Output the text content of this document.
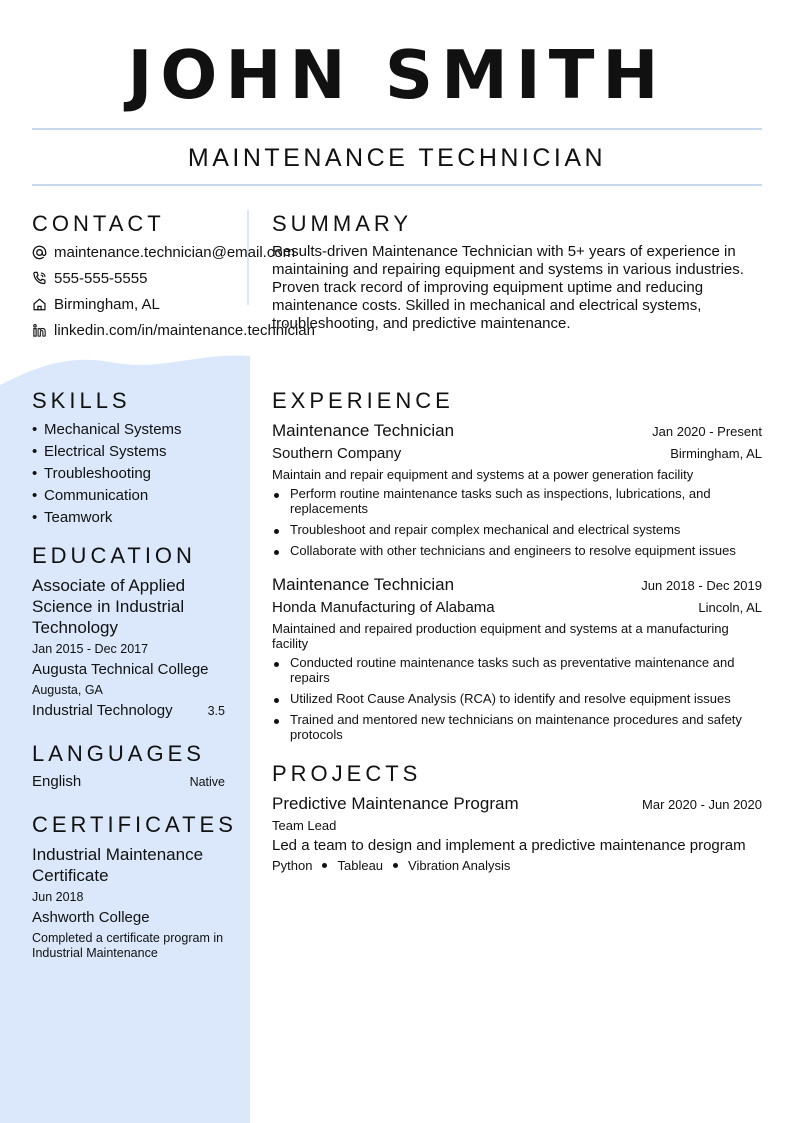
JOHN SMITH
MAINTENANCE TECHNICIAN
CONTACT
maintenance.technician@email.com
555-555-5555
Birmingham, AL
linkedin.com/in/maintenance.technician
SUMMARY
Results-driven Maintenance Technician with 5+ years of experience in maintaining and repairing equipment and systems in various industries. Proven track record of improving equipment uptime and reducing maintenance costs. Skilled in mechanical and electrical systems, troubleshooting, and predictive maintenance.
SKILLS
• Mechanical Systems
• Electrical Systems
• Troubleshooting
• Communication
• Teamwork
EDUCATION
Associate of Applied Science in Industrial Technology
Jan 2015 - Dec 2017
Augusta Technical College
Augusta, GA
Industrial Technology	3.5
LANGUAGES
English	Native
CERTIFICATES
Industrial Maintenance Certificate
Jun 2018
Ashworth College
Completed a certificate program in Industrial Maintenance
EXPERIENCE
Maintenance Technician	Jan 2020 - Present
Southern Company	Birmingham, AL
Maintain and repair equipment and systems at a power generation facility
Perform routine maintenance tasks such as inspections, lubrications, and replacements
Troubleshoot and repair complex mechanical and electrical systems
Collaborate with other technicians and engineers to resolve equipment issues
Maintenance Technician	Jun 2018 - Dec 2019
Honda Manufacturing of Alabama	Lincoln, AL
Maintained and repaired production equipment and systems at a manufacturing facility
Conducted routine maintenance tasks such as preventative maintenance and repairs
Utilized Root Cause Analysis (RCA) to identify and resolve equipment issues
Trained and mentored new technicians on maintenance procedures and safety protocols
PROJECTS
Predictive Maintenance Program	Mar 2020 - Jun 2020
Team Lead
Led a team to design and implement a predictive maintenance program
Python Tableau Vibration Analysis
